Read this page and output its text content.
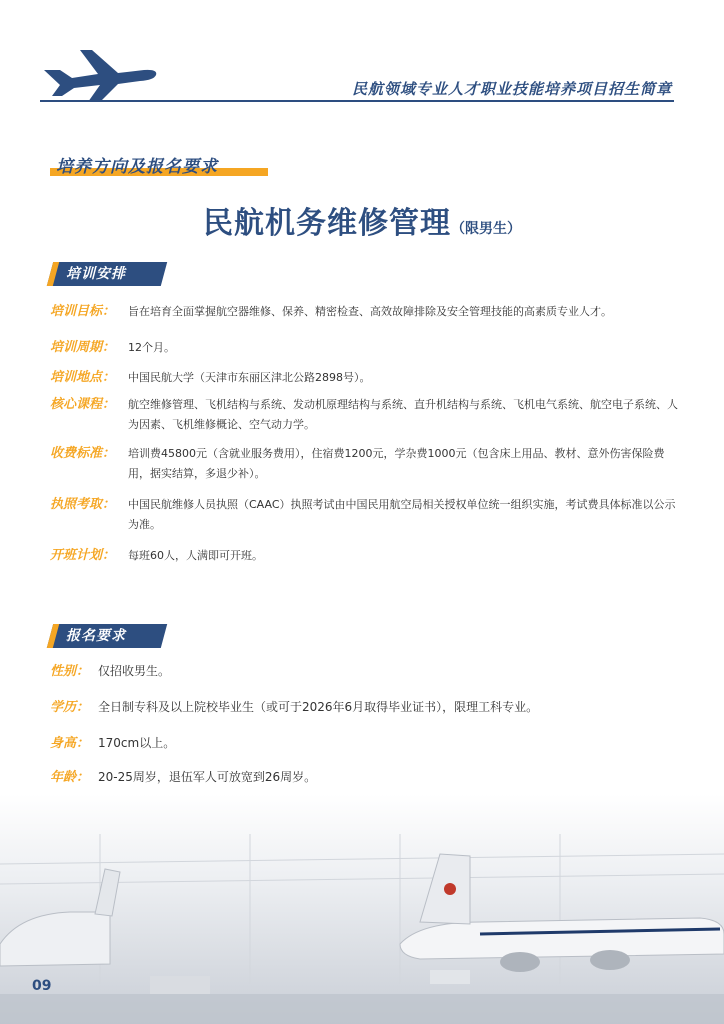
民航领域专业人才职业技能培养项目招生简章
培养方向及报名要求
民航机务维修管理（限男生）
培训安排
培训目标： 旨在培育全面掌握航空器维修、保养、精密检查、高效故障排除及安全管理技能的高素质专业人才。
培训周期： 12个月。
培训地点： 中国民航大学（天津市东丽区津北公路2898号）。
核心课程： 航空维修管理、飞机结构与系统、发动机原理结构与系统、直升机结构与系统、飞机电气系统、航空电子系统、人为因素、飞机维修概论、空气动力学。
收费标准： 培训费45800元（含就业服务费用），住宿费1200元，学杂费1000元（包含床上用品、教材、意外伤害保险费用，据实结算，多退少补）。
执照考取： 中国民航维修人员执照（CAAC）执照考试由中国民用航空局相关授权单位统一组织实施，考试费具体标准以公示为准。
开班计划： 每班60人，人满即可开班。
报名要求
性别： 仅招收男生。
学历： 全日制专科及以上院校毕业生（或可于2026年6月取得毕业证书），限理工科专业。
身高： 170cm以上。
年龄： 20-25周岁，退伍军人可放宽到26周岁。
09
